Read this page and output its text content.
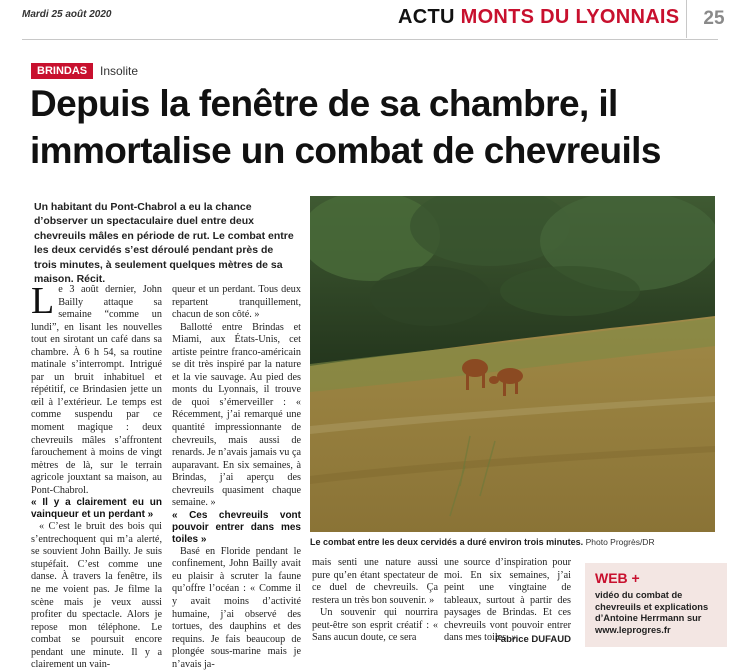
Mardi 25 août 2020	ACTU MONTS DU LYONNAIS	25
BRINDAS	Insolite
Depuis la fenêtre de sa chambre, il
immortalise un combat de chevreuils
Un habitant du Pont-Chabrol a eu la chance d’observer un spectaculaire duel entre deux chevreuils mâles en période de rut. Le combat entre les deux cervidés s’est déroulé pendant près de trois minutes, à seulement quelques mètres de sa maison. Récit.

Le 3 août dernier, John Bailly attaque sa semaine “comme un lundi”, en lisant les nouvelles tout en sirotant un café dans sa chambre. À 6 h 54, sa routine matinale s’interrompt. Intrigué par un bruit inhabituel et répétitif, ce Brindasien jette un œil à l’extérieur. Le temps est comme suspendu par ce moment magique : deux chevreuils mâles s’affrontent farouchement à moins de vingt mètres de là, sur le terrain agricole jouxtant sa maison, au Pont-Chabrol.

« Il y a clairement eu un vainqueur et un perdant »

« C’est le bruit des bois qui s’entrechoquent qui m’a alerté, se souvient John Bailly. Je suis stupéfait. C’est comme une danse. À travers la fenêtre, ils ne me voient pas. Je filme la scène mais je veux aussi profiter du spectacle. Alors je repose mon téléphone. Le combat se poursuit encore pendant une minute. Il y a clairement un vain-

queur et un perdant. Tous deux repartent tranquillement, chacun de son côté. »

Ballotté entre Brindas et Miami, aux États-Unis, cet artiste peintre franco-américain se dit très inspiré par la nature et la vie sauvage. Au pied des monts du Lyonnais, il trouve de quoi s’émerveiller : « Récemment, j’ai remarqué une quantité impressionnante de chevreuils, mais aussi de renards. Je n’avais jamais vu ça auparavant. En six semaines, à Brindas, j’ai aperçu des chevreuils quasiment chaque semaine. »

« Ces chevreuils vont pouvoir entrer dans mes toiles »

Basé en Floride pendant le confinement, John Bailly avait eu plaisir à scruter la faune qu’offre l’océan : « Comme il y avait moins d’activité humaine, j’ai observé des tortues, des dauphins et des requins. Je fais beaucoup de plongée sous-marine mais je n’avais ja-

Le combat entre les deux cervidés a duré environ trois minutes. Photo Progrès/DR

mais senti une nature aussi pure qu’en étant spectateur de ce duel de chevreuils. Ça restera un très bon souvenir. »

Un souvenir qui nourrira peut-être son esprit créatif : « Sans aucun doute, ce sera

une source d’inspiration pour moi. En six semaines, j’ai peint une vingtaine de tableaux, surtout à partir des paysages de Brindas. Et ces chevreuils vont pouvoir entrer dans mes toiles. »

Fabrice DUFAUD
WEB +
vidéo du combat de chevreuils et explications d’Antoine Herrmann sur www.leprogres.fr
